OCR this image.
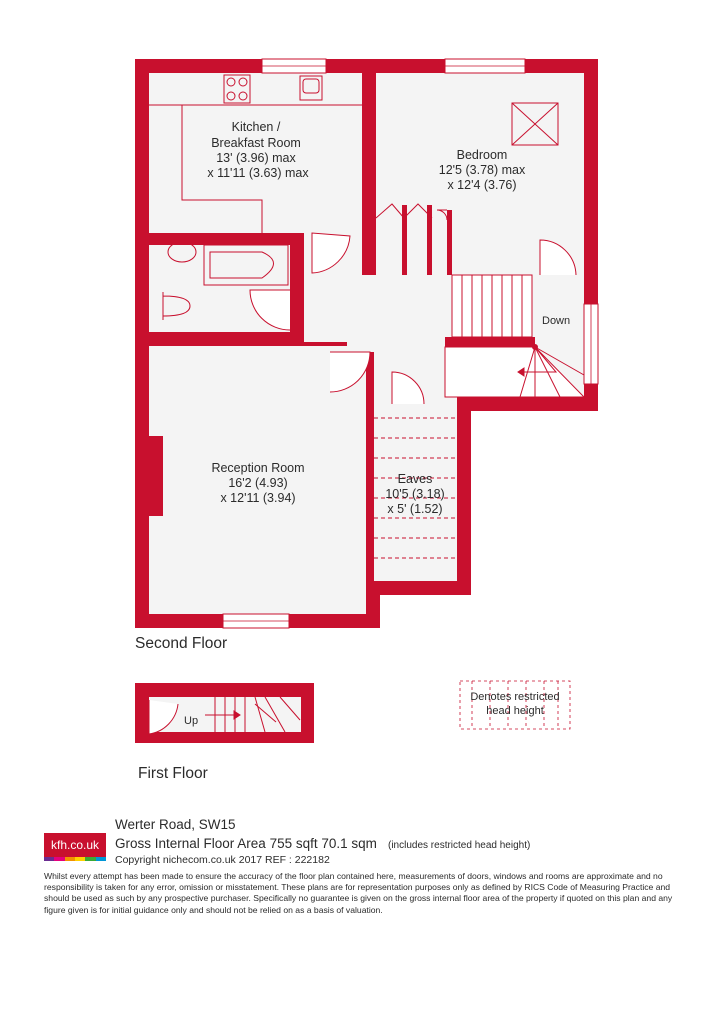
Kitchen /
Breakfast Room
13' (3.96) max
x 11'11 (3.63) max
Bedroom
12'5 (3.78) max
x 12'4 (3.76)
Reception Room
16'2 (4.93)
x 12'11 (3.94)
Eaves
10'5 (3.18)
x 5' (1.52)
Down
Second Floor
Up
First Floor
Denotes restricted
head height
Werter Road, SW15
Gross Internal Floor Area 755 sqft 70.1 sqm (includes restricted head height)
Copyright nichecom.co.uk 2017 REF : 222182
kfh.co.uk

Whilst every attempt has been made to ensure the accuracy of the floor plan contained here, measurements of doors, windows and rooms are approximate and no responsibility is taken for any error, omission or misstatement. These plans are for representation purposes only as defined by RICS Code of Measuring Practice and should be used as such by any prospective purchaser. Specifically no guarantee is given on the gross internal floor area of the property if quoted on this plan and any figure given is for initial guidance only and should not be relied on as a basis of valuation.
